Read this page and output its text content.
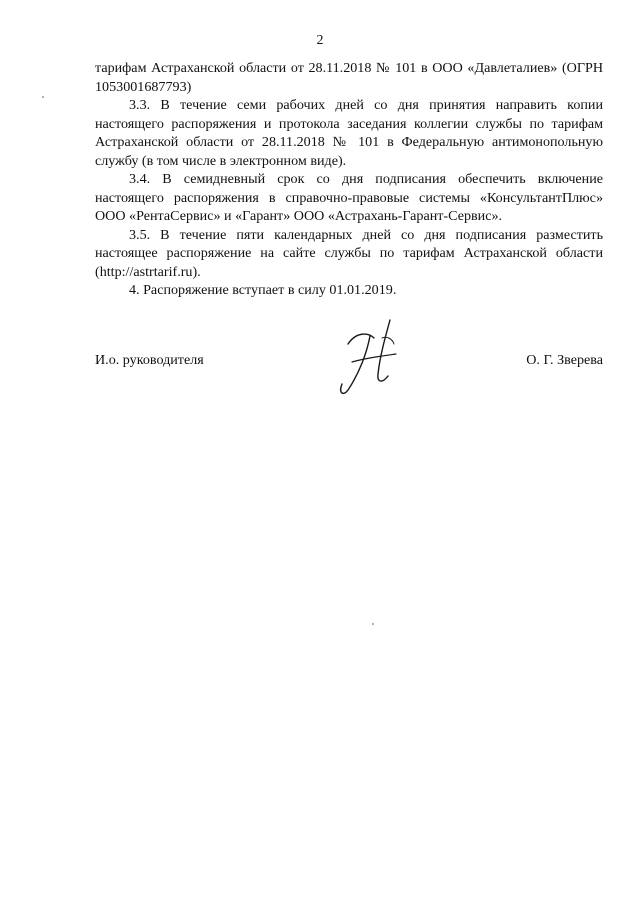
2

тарифам Астраханской области от 28.11.2018 № 101 в ООО «Давлеталиев» (ОГРН 1053001687793)

3.3. В течение семи рабочих дней со дня принятия направить копии настоящего распоряжения и протокола заседания коллегии службы по тарифам Астраханской области от 28.11.2018 № 101 в Федеральную антимонопольную службу (в том числе в электронном виде).

3.4. В семидневный срок со дня подписания обеспечить включение настоящего распоряжения в справочно-правовые системы «КонсультантПлюс» ООО «РентаСервис» и «Гарант» ООО «Астрахань-Гарант-Сервис».

3.5. В течение пяти календарных дней со дня подписания разместить настоящее распоряжение на сайте службы по тарифам Астраханской области (http://astrtarif.ru).

4. Распоряжение вступает в силу 01.01.2019.

И.о. руководителя	О. Г. Зверева
